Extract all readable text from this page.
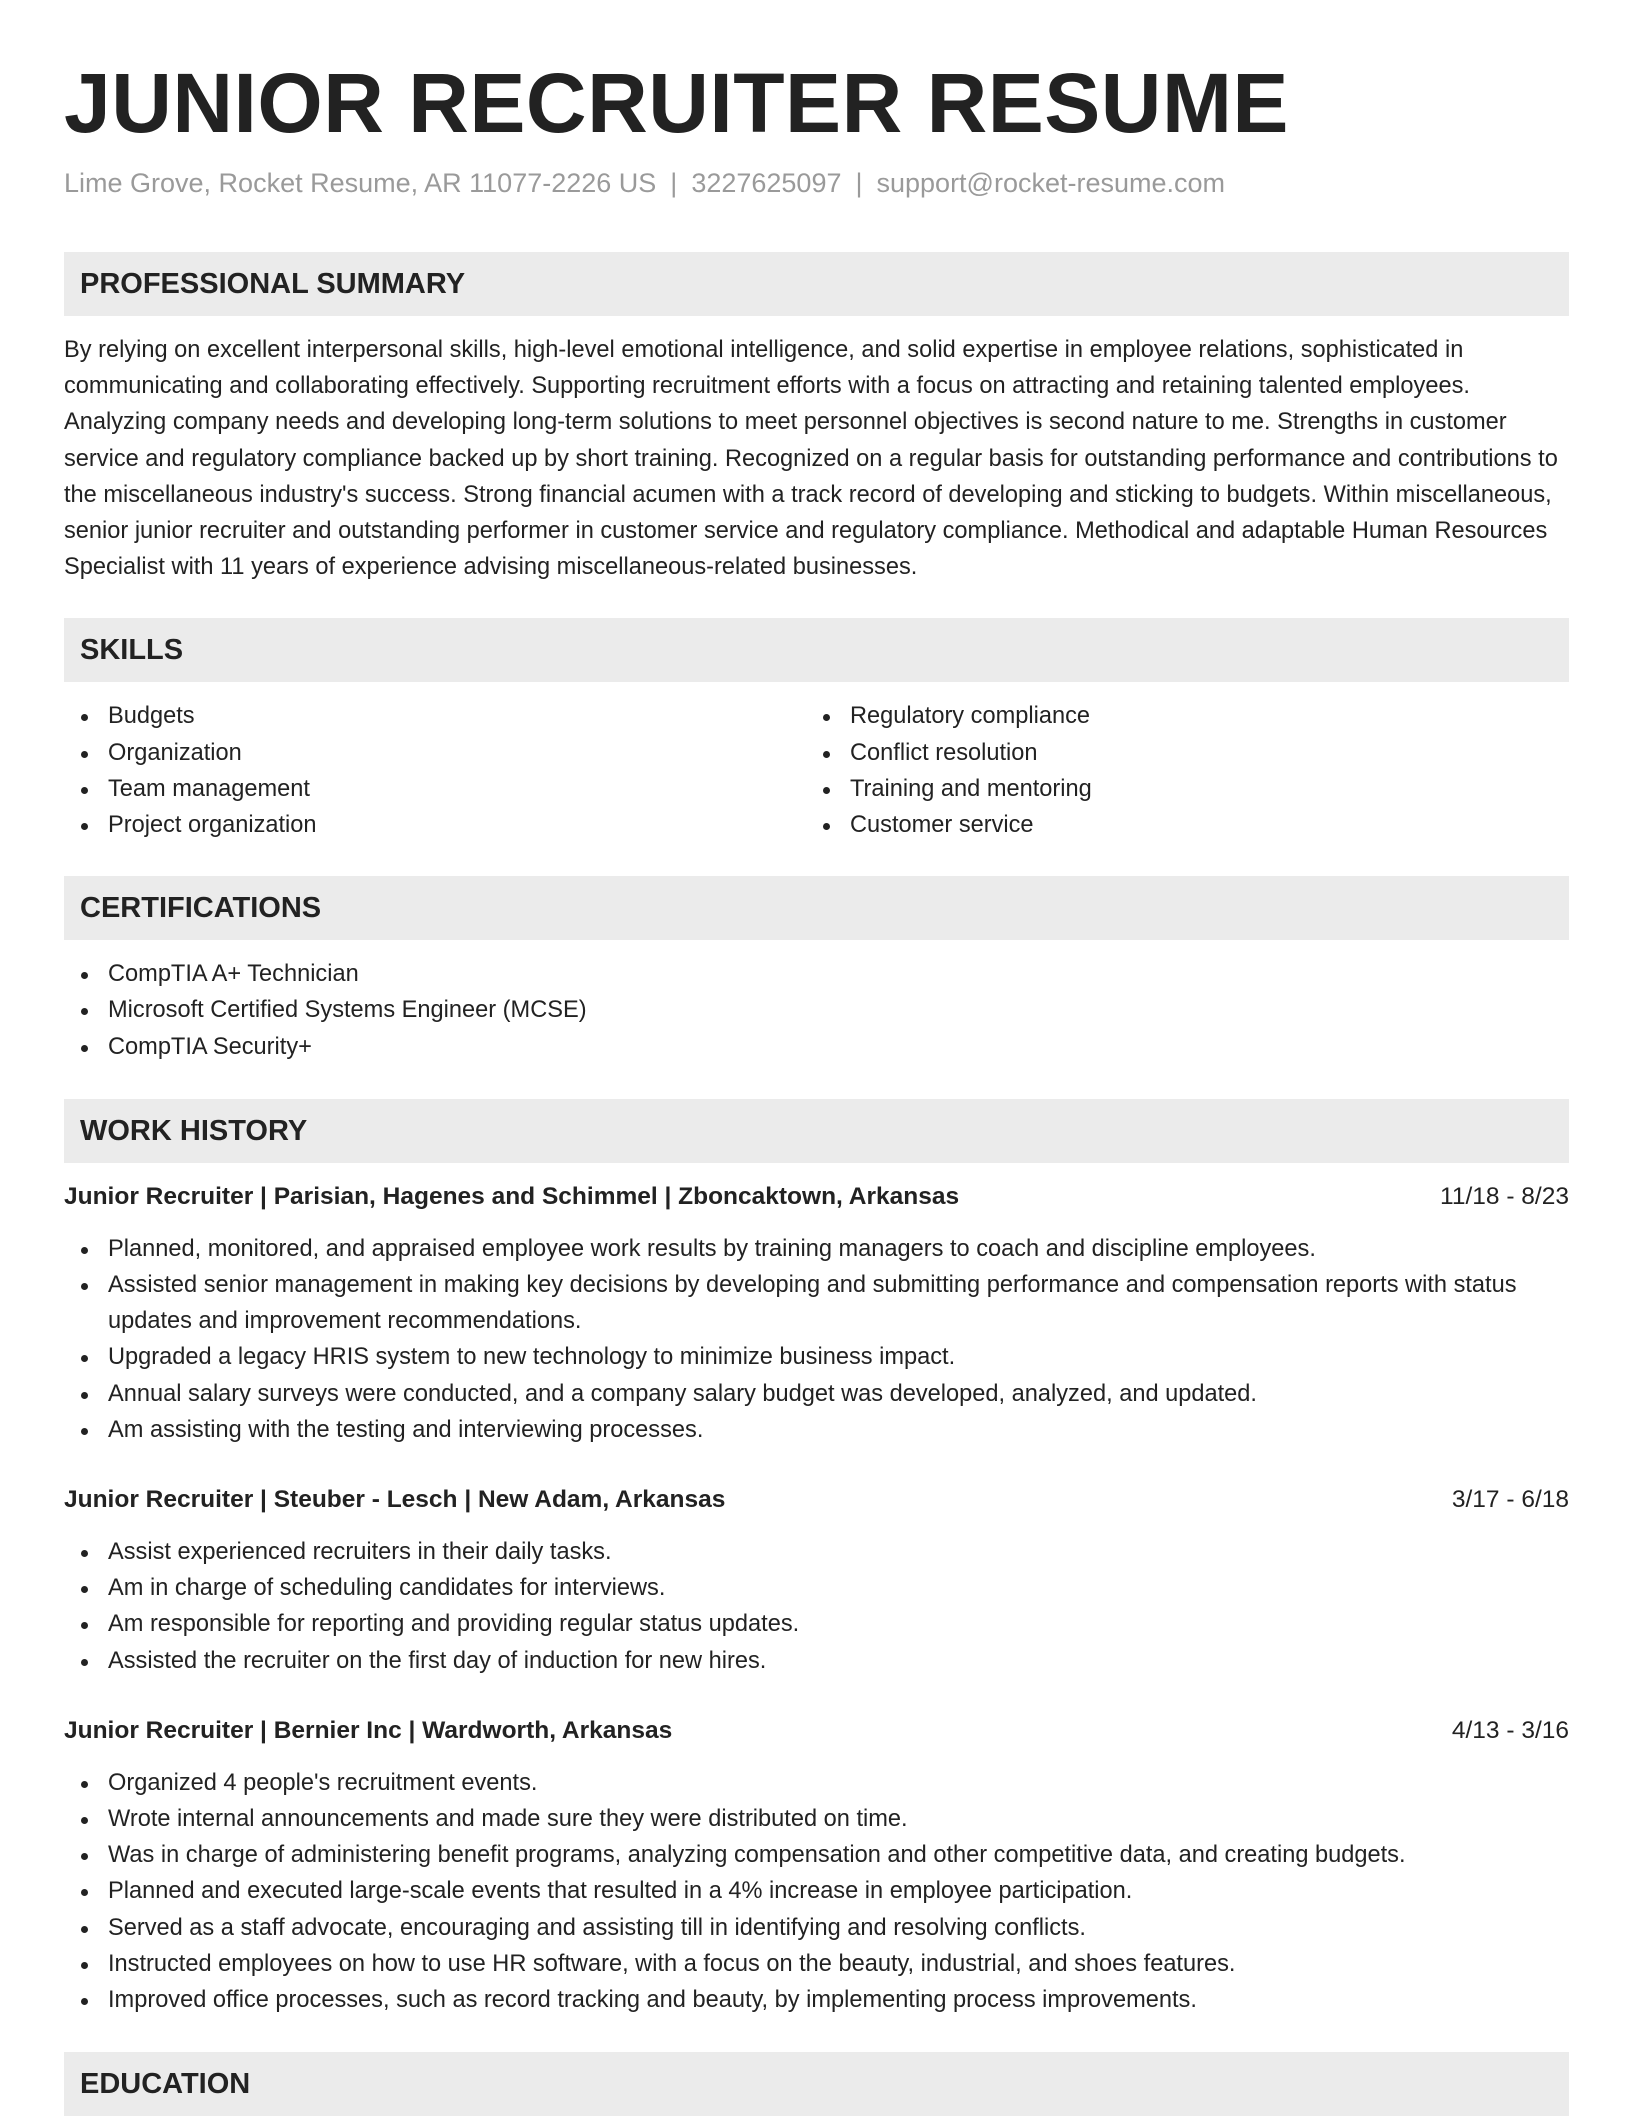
JUNIOR RECRUITER RESUME
Lime Grove, Rocket Resume, AR 11077-2226 US | 3227625097 | support@rocket-resume.com
PROFESSIONAL SUMMARY

By relying on excellent interpersonal skills, high-level emotional intelligence, and solid expertise in employee relations, sophisticated in communicating and collaborating effectively. Supporting recruitment efforts with a focus on attracting and retaining talented employees. Analyzing company needs and developing long-term solutions to meet personnel objectives is second nature to me. Strengths in customer service and regulatory compliance backed up by short training. Recognized on a regular basis for outstanding performance and contributions to the miscellaneous industry's success. Strong financial acumen with a track record of developing and sticking to budgets. Within miscellaneous, senior junior recruiter and outstanding performer in customer service and regulatory compliance. Methodical and adaptable Human Resources Specialist with 11 years of experience advising miscellaneous-related businesses.

SKILLS
Budgets
Organization
Team management
Project organization
Regulatory compliance
Conflict resolution
Training and mentoring
Customer service
CERTIFICATIONS
CompTIA A+ Technician
Microsoft Certified Systems Engineer (MCSE)
CompTIA Security+
WORK HISTORY
Junior Recruiter | Parisian, Hagenes and Schimmel | Zboncaktown, Arkansas	11/18 - 8/23
Planned, monitored, and appraised employee work results by training managers to coach and discipline employees.
Assisted senior management in making key decisions by developing and submitting performance and compensation reports with status updates and improvement recommendations.
Upgraded a legacy HRIS system to new technology to minimize business impact.
Annual salary surveys were conducted, and a company salary budget was developed, analyzed, and updated.
Am assisting with the testing and interviewing processes.
Junior Recruiter | Steuber - Lesch | New Adam, Arkansas	3/17 - 6/18
Assist experienced recruiters in their daily tasks.
Am in charge of scheduling candidates for interviews.
Am responsible for reporting and providing regular status updates.
Assisted the recruiter on the first day of induction for new hires.
Junior Recruiter | Bernier Inc | Wardworth, Arkansas	4/13 - 3/16
Organized 4 people's recruitment events.
Wrote internal announcements and made sure they were distributed on time.
Was in charge of administering benefit programs, analyzing compensation and other competitive data, and creating budgets.
Planned and executed large-scale events that resulted in a 4% increase in employee participation.
Served as a staff advocate, encouraging and assisting till in identifying and resolving conflicts.
Instructed employees on how to use HR software, with a focus on the beauty, industrial, and shoes features.
Improved office processes, such as record tracking and beauty, by implementing process improvements.
EDUCATION
